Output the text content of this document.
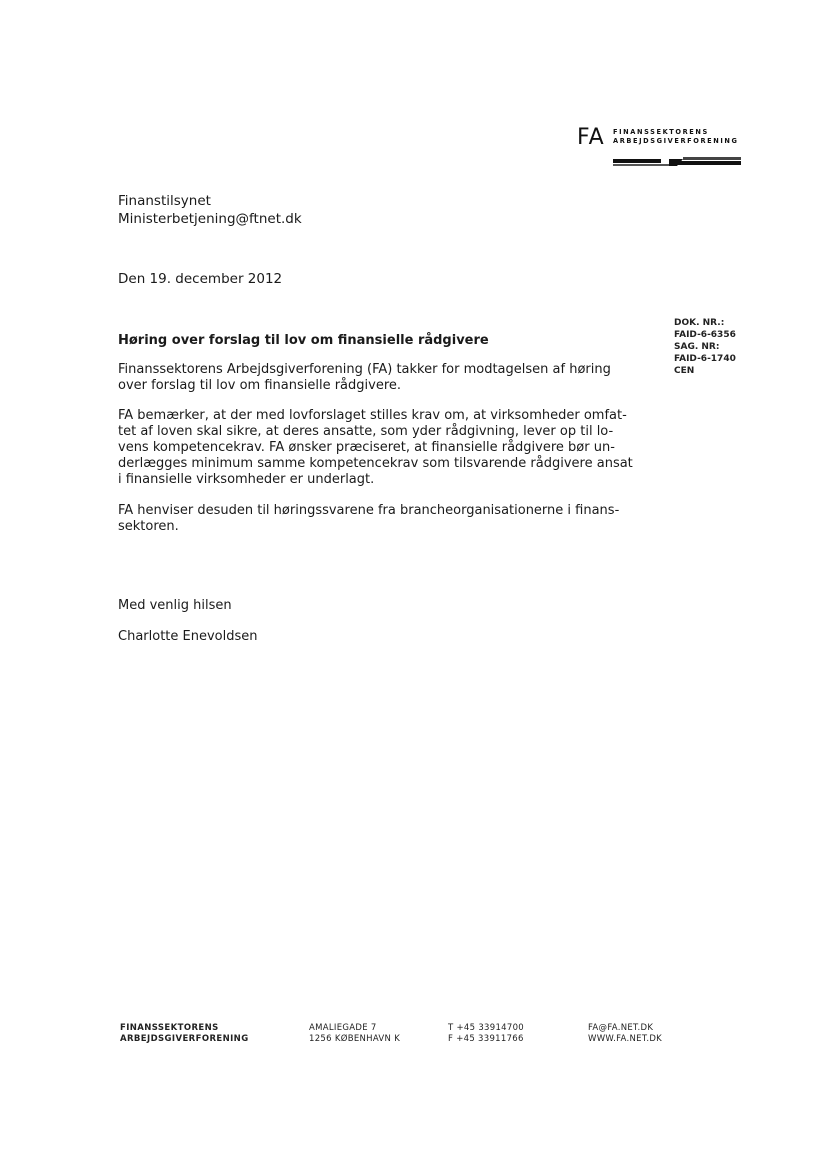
FA FINANSSEKTORENS
ARBEJDSGIVERFORENING
Finanstilsynet
Ministerbetjening@ftnet.dk
Den 19. december 2012
DOK. NR.:
FAID-6-6356
SAG. NR:
FAID-6-1740
CEN
Høring over forslag til lov om finansielle rådgivere
Finanssektorens Arbejdsgiverforening (FA) takker for modtagelsen af høring
over forslag til lov om finansielle rådgivere.
FA bemærker, at der med lovforslaget stilles krav om, at virksomheder omfat-
tet af loven skal sikre, at deres ansatte, som yder rådgivning, lever op til lo-
vens kompetencekrav. FA ønsker præciseret, at finansielle rådgivere bør un-
derlægges minimum samme kompetencekrav som tilsvarende rådgivere ansat
i finansielle virksomheder er underlagt.
FA henviser desuden til høringssvarene fra brancheorganisationerne i finans-
sektoren.
Med venlig hilsen
Charlotte Enevoldsen
FINANSSEKTORENS
ARBEJDSGIVERFORENING
AMALIEGADE 7
1256 KØBENHAVN K
T +45 33914700
F +45 33911766
FA@FA.NET.DK
WWW.FA.NET.DK
